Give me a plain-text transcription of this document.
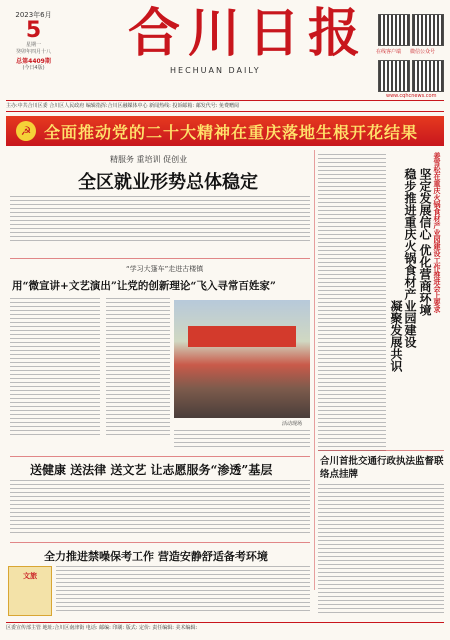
2023年6月
5
星期一
癸卯年四月十八
总第4409期
(今日4版)
合川日报
HECHUAN DAILY
在线客户端 微信公众号
www.cqhcnews.com
主办:中共合川区委 合川区人民政府 编辑指挥:合川区融媒体中心 新闻热线: 投诉邮箱: 邮发代号: 免费赠阅
☭ 全面推动党的二十大精神在重庆落地生根开花结果
精服务 重培训 促创业
全区就业形势总体稳定
“学习大篷车”走进古楼镇
用“微宣讲+文艺演出”让党的创新理论“飞入寻常百姓家”
活动现场
送健康 送法律 送文艺 让志愿服务“渗透”基层
全力推进禁噪保考工作 营造安静舒适备考环境
文旅
姜雪松在重庆火锅食材产业园建设工作推进会上要求
坚定发展信心 优化营商环境
稳步推进重庆火锅食材产业园建设
凝聚发展共识
合川首批交通行政执法监督联络点挂牌
区委宣传部主管 地址:合川区南津街 电话: 邮编: 印刷: 版式: 定价: 责任编辑: 美术编辑:
